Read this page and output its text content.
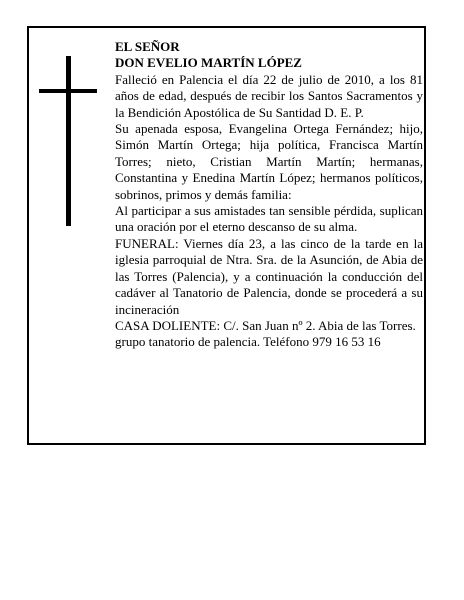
EL SEÑOR

DON EVELIO MARTÍN LÓPEZ

Falleció en Palencia el día 22 de julio de 2010, a los 81 años de edad, después de recibir los Santos Sacramentos y la Bendición Apostólica de Su Santidad D. E. P.

Su apenada esposa, Evangelina Ortega Fernández; hijo, Simón Martín Ortega; hija política, Francisca Martín Torres; nieto, Cristian Martín Martín; hermanas, Constantina y Enedina Martín López; hermanos políticos, sobrinos, primos y demás familia:

Al participar a sus amistades tan sensible pérdida, suplican una oración por el eterno descanso de su alma.

FUNERAL: Viernes día 23, a las cinco de la tarde en la iglesia parroquial de Ntra. Sra. de la Asunción, de Abia de las Torres (Palencia), y a continuación la conducción del cadáver al Tanatorio de Palencia, donde se procederá a su incineración

CASA DOLIENTE: C/. San Juan nº 2. Abia de las Torres.

grupo tanatorio de palencia. Teléfono 979 16 53 16
